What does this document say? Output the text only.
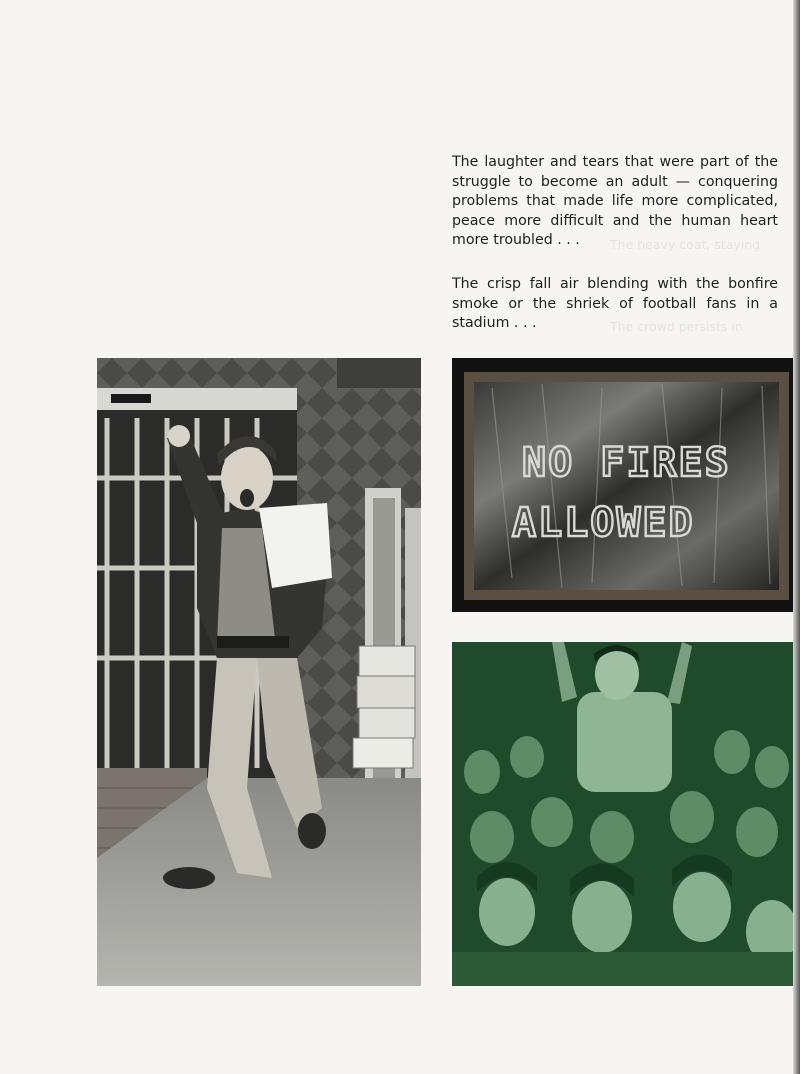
The heavy coat, staying
The crowd persists in

The laughter and tears that were part of the struggle to become an adult — conquering problems that made life more complicated, peace more difficult and the human heart more troubled . . .

The crisp fall air blending with the bonfire smoke or the shriek of football fans in a stadium . . .

NO FIRES
ALLOWED
